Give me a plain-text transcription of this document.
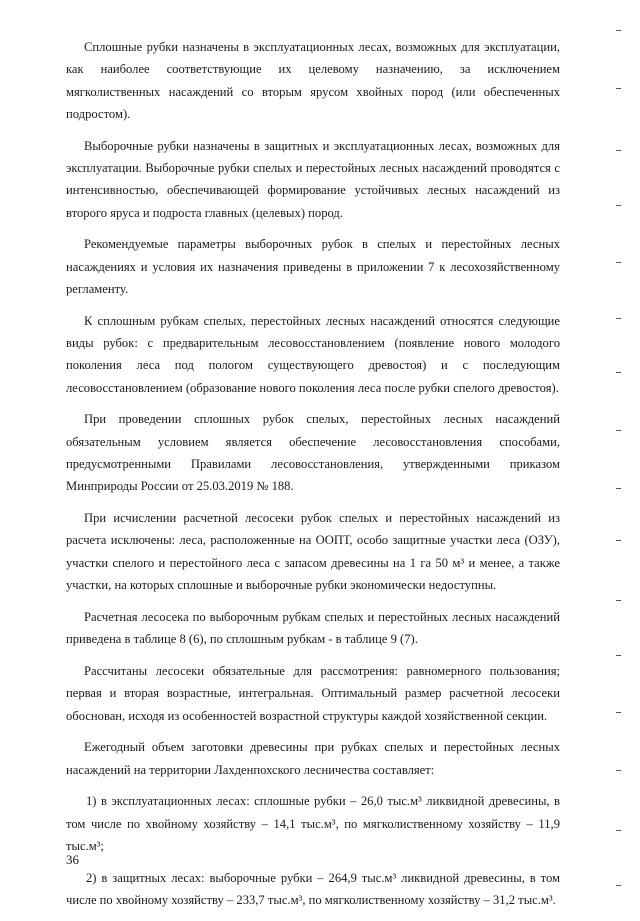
Сплошные рубки назначены в эксплуатационных лесах, возможных для эксплуатации, как наиболее соответствующие их целевому назначению, за исключением мягколиственных насаждений со вторым ярусом хвойных пород (или обеспеченных подростом).

Выборочные рубки назначены в защитных и эксплуатационных лесах, возможных для эксплуатации. Выборочные рубки спелых и перестойных лесных насаждений проводятся с интенсивностью, обеспечивающей формирование устойчивых лесных насаждений из второго яруса и подроста главных (целевых) пород.

Рекомендуемые параметры выборочных рубок в спелых и перестойных лесных насаждениях и условия их назначения приведены в приложении 7 к лесохозяйственному регламенту.

К сплошным рубкам спелых, перестойных лесных насаждений относятся следующие виды рубок: с предварительным лесовосстановлением (появление нового молодого поколения леса под пологом существующего древостоя) и с последующим лесовосстановлением (образование нового поколения леса после рубки спелого древостоя).

При проведении сплошных рубок спелых, перестойных лесных насаждений обязательным условием является обеспечение лесовосстановления способами, предусмотренными Правилами лесовосстановления, утвержденными приказом Минприроды России от 25.03.2019 № 188.

При исчислении расчетной лесосеки рубок спелых и перестойных насаждений из расчета исключены: леса, расположенные на ООПТ, особо защитные участки леса (ОЗУ), участки спелого и перестойного леса с запасом древесины на 1 га 50 м³ и менее, а также участки, на которых сплошные и выборочные рубки экономически недоступны.

Расчетная лесосека по выборочным рубкам спелых и перестойных лесных насаждений приведена в таблице 8 (6), по сплошным рубкам - в таблице 9 (7).

Рассчитаны лесосеки обязательные для рассмотрения: равномерного пользования; первая и вторая возрастные, интегральная. Оптимальный размер расчетной лесосеки обоснован, исходя из особенностей возрастной структуры каждой хозяйственной секции.

Ежегодный объем заготовки древесины при рубках спелых и перестойных лесных насаждений на территории Лахденпохского лесничества составляет:

1) в эксплуатационных лесах: сплошные рубки – 26,0 тыс.м³ ликвидной древесины, в том числе по хвойному хозяйству – 14,1 тыс.м³, по мягколиственному хозяйству – 11,9 тыс.м³;

2) в защитных лесах: выборочные рубки – 264,9 тыс.м³ ликвидной древесины, в том числе по хвойному хозяйству – 233,7 тыс.м³, по мягколиственному хозяйству – 31,2 тыс.м³.

36
